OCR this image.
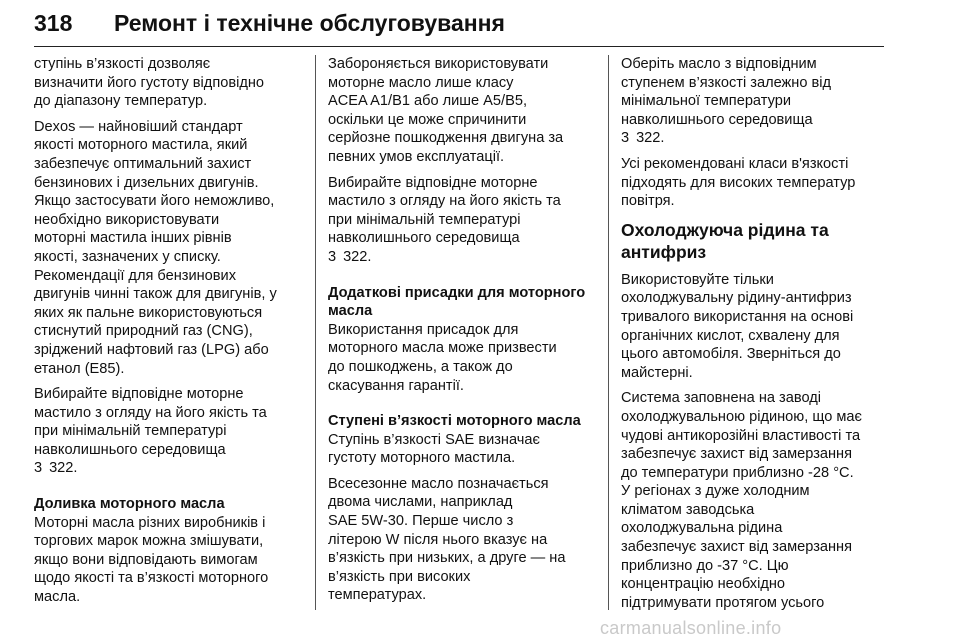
318	Ремонт і технічне обслуговування
ступінь в’язкості дозволяє
визначити його густоту відповідно
до діапазону температур.
Dexos — найновіший стандарт
якості моторного мастила, який
забезпечує оптимальний захист
бензинових і дизельних двигунів.
Якщо застосувати його неможливо,
необхідно використовувати
моторні мастила інших рівнів
якості, зазначених у списку.
Рекомендації для бензинових
двигунів чинні також для двигунів, у
яких як пальне використовуються
стиснутий природний газ (CNG),
зріджений нафтовий газ (LPG) або
етанол (E85).
Вибирайте відповідне моторне
мастило з огляду на його якість та
при мінімальній температурі
навколишнього середовища
3 322.
Доливка моторного масла
Моторні масла різних виробників і
торгових марок можна змішувати,
якщо вони відповідають вимогам
щодо якості та в’язкості моторного
масла.
Забороняється використовувати
моторне масло лише класу
ACEA A1/B1 або лише A5/B5,
оскільки це може спричинити
серйозне пошкодження двигуна за
певних умов експлуатації.
Вибирайте відповідне моторне
мастило з огляду на його якість та
при мінімальній температурі
навколишнього середовища
3 322.
Додаткові присадки для моторного
масла
Використання присадок для
моторного масла може призвести
до пошкоджень, а також до
скасування гарантії.
Ступені в’язкості моторного масла
Ступінь в’язкості SAE визначає
густоту моторного мастила.
Всесезонне масло позначається
двома числами, наприклад
SAE 5W-30. Перше число з
літерою W після нього вказує на
в’язкість при низьких, а друге — на
в’язкість при високих
температурах.
Оберіть масло з відповідним
ступенем в’язкості залежно від
мінімальної температури
навколишнього середовища
3 322.
Усі рекомендовані класи в'язкості
підходять для високих температур
повітря.
Охолоджуюча рідина та
антифриз
Використовуйте тільки
охолоджувальну рідину-антифриз
тривалого використання на основі
органічних кислот, схвалену для
цього автомобіля. Зверніться до
майстерні.
Система заповнена на заводі
охолоджувальною рідиною, що має
чудові антикорозійні властивості та
забезпечує захист від замерзання
до температури приблизно -28 °C.
У регіонах з дуже холодним
кліматом заводська
охолоджувальна рідина
забезпечує захист від замерзання
приблизно до -37 °C. Цю
концентрацію необхідно
підтримувати протягом усього
carmanualsonline.info
